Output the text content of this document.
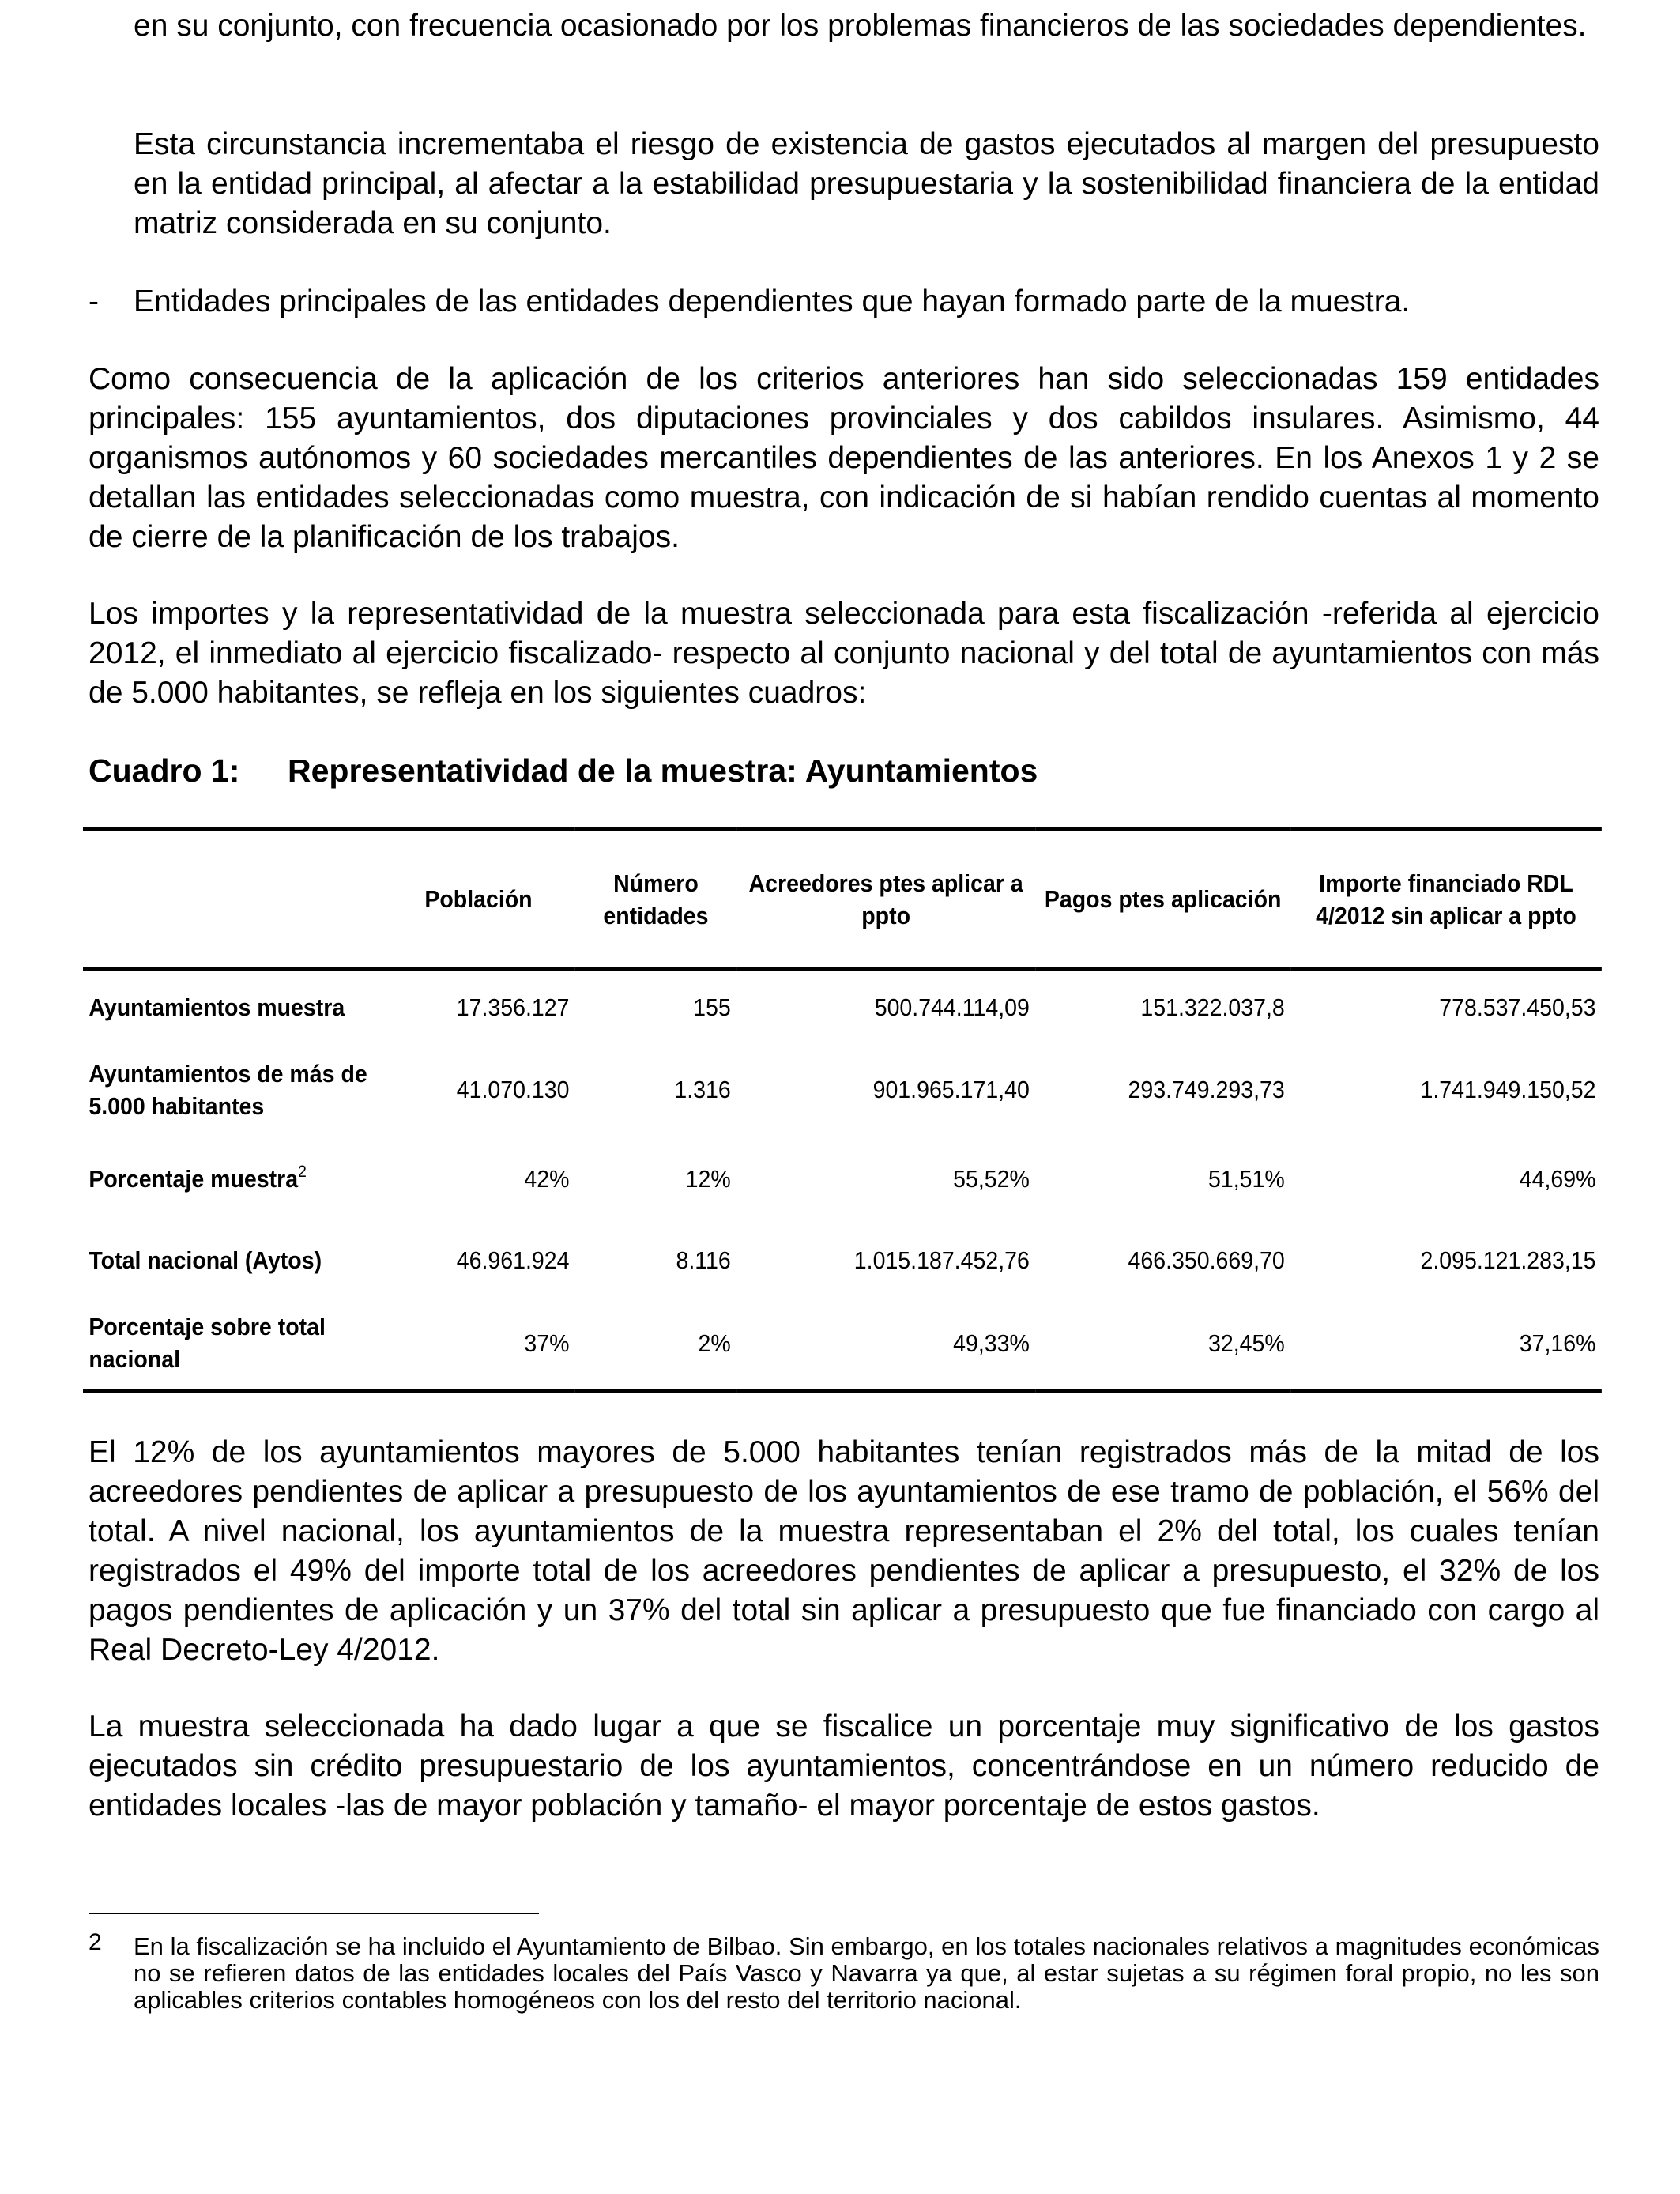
en su conjunto, con frecuencia ocasionado por los problemas financieros de las sociedades dependientes.

Esta circunstancia incrementaba el riesgo de existencia de gastos ejecutados al margen del presupuesto en la entidad principal, al afectar a la estabilidad presupuestaria y la sostenibilidad financiera de la entidad matriz considerada en su conjunto.

- Entidades principales de las entidades dependientes que hayan formado parte de la muestra.

Como consecuencia de la aplicación de los criterios anteriores han sido seleccionadas 159 entidades principales: 155 ayuntamientos, dos diputaciones provinciales y dos cabildos insulares. Asimismo, 44 organismos autónomos y 60 sociedades mercantiles dependientes de las anteriores. En los Anexos 1 y 2 se detallan las entidades seleccionadas como muestra, con indicación de si habían rendido cuentas al momento de cierre de la planificación de los trabajos.

Los importes y la representatividad de la muestra seleccionada para esta fiscalización -referida al ejercicio 2012, el inmediato al ejercicio fiscalizado- respecto al conjunto nacional y del total de ayuntamientos con más de 5.000 habitantes, se refleja en los siguientes cuadros:

Cuadro 1: Representatividad de la muestra: Ayuntamientos
	Población	Número entidades	Acreedores ptes aplicar a ppto	Pagos ptes aplicación	Importe financiado RDL 4/2012 sin aplicar a ppto
Ayuntamientos muestra	17.356.127	155	500.744.114,09	151.322.037,8	778.537.450,53
Ayuntamientos de más de 5.000 habitantes	41.070.130	1.316	901.965.171,40	293.749.293,73	1.741.949.150,52
Porcentaje muestra$^2$	42%	12%	55,52%	51,51%	44,69%
Total nacional (Aytos)	46.961.924	8.116	1.015.187.452,76	466.350.669,70	2.095.121.283,15
Porcentaje sobre total nacional	37%	2%	49,33%	32,45%	37,16%

El 12% de los ayuntamientos mayores de 5.000 habitantes tenían registrados más de la mitad de los acreedores pendientes de aplicar a presupuesto de los ayuntamientos de ese tramo de población, el 56% del total. A nivel nacional, los ayuntamientos de la muestra representaban el 2% del total, los cuales tenían registrados el 49% del importe total de los acreedores pendientes de aplicar a presupuesto, el 32% de los pagos pendientes de aplicación y un 37% del total sin aplicar a presupuesto que fue financiado con cargo al Real Decreto-Ley 4/2012.

La muestra seleccionada ha dado lugar a que se fiscalice un porcentaje muy significativo de los gastos ejecutados sin crédito presupuestario de los ayuntamientos, concentrándose en un número reducido de entidades locales -las de mayor población y tamaño- el mayor porcentaje de estos gastos.

2 En la fiscalización se ha incluido el Ayuntamiento de Bilbao. Sin embargo, en los totales nacionales relativos a magnitudes económicas no se refieren datos de las entidades locales del País Vasco y Navarra ya que, al estar sujetas a su régimen foral propio, no les son aplicables criterios contables homogéneos con los del resto del territorio nacional.
